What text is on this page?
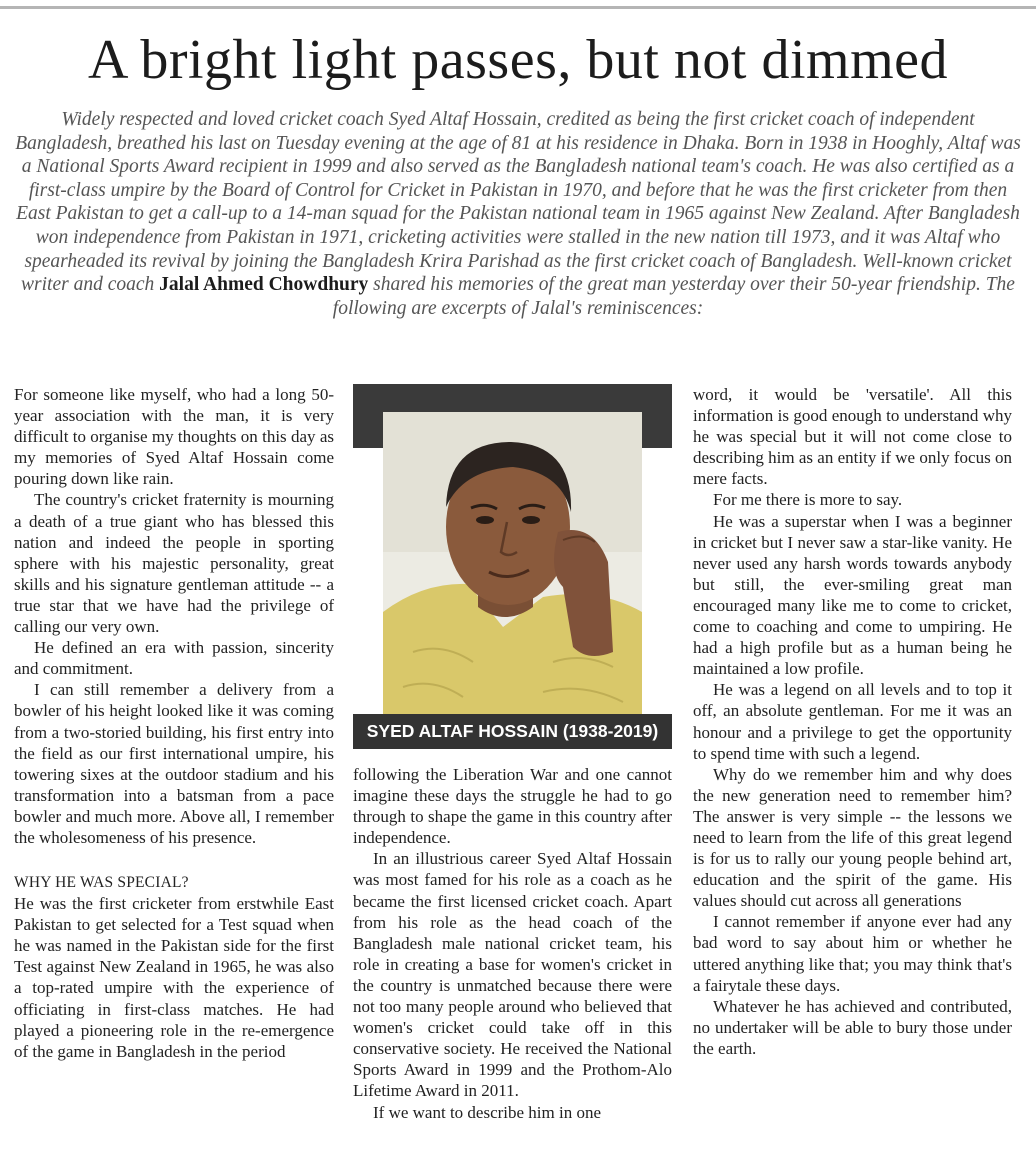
A bright light passes, but not dimmed
Widely respected and loved cricket coach Syed Altaf Hossain, credited as being the first cricket coach of independent Bangladesh, breathed his last on Tuesday evening at the age of 81 at his residence in Dhaka. Born in 1938 in Hooghly, Altaf was a National Sports Award recipient in 1999 and also served as the Bangladesh national team's coach. He was also certified as a first-class umpire by the Board of Control for Cricket in Pakistan in 1970, and before that he was the first cricketer from then East Pakistan to get a call-up to a 14-man squad for the Pakistan national team in 1965 against New Zealand. After Bangladesh won independence from Pakistan in 1971, cricketing activities were stalled in the new nation till 1973, and it was Altaf who spearheaded its revival by joining the Bangladesh Krira Parishad as the first cricket coach of Bangladesh. Well-known cricket writer and coach Jalal Ahmed Chowdhury shared his memories of the great man yesterday over their 50-year friendship. The following are excerpts of Jalal's reminiscences:

For someone like myself, who had a long 50-year association with the man, it is very difficult to organise my thoughts on this day as my memories of Syed Altaf Hossain come pouring down like rain.

The country's cricket fraternity is mourning a death of a true giant who has blessed this nation and indeed the people in sporting sphere with his majestic personality, great skills and his signature gentleman attitude -- a true star that we have had the privilege of calling our very own.

He defined an era with passion, sincerity and commitment.

I can still remember a delivery from a bowler of his height looked like it was coming from a two-storied building, his first entry into the field as our first international umpire, his towering sixes at the outdoor stadium and his transformation into a batsman from a pace bowler and much more. Above all, I remember the wholesomeness of his presence.

WHY HE WAS SPECIAL?

He was the first cricketer from erstwhile East Pakistan to get selected for a Test squad when he was named in the Pakistan side for the first Test against New Zealand in 1965, he was also a top-rated umpire with the experience of officiating in first-class matches. He had played a pioneering role in the re-emergence of the game in Bangladesh in the period

SYED ALTAF HOSSAIN (1938-2019)

following the Liberation War and one cannot imagine these days the struggle he had to go through to shape the game in this country after independence.

In an illustrious career Syed Altaf Hossain was most famed for his role as a coach as he became the first licensed cricket coach. Apart from his role as the head coach of the Bangladesh male national cricket team, his role in creating a base for women's cricket in the country is unmatched because there were not too many people around who believed that women's cricket could take off in this conservative society. He received the National Sports Award in 1999 and the Prothom-Alo Lifetime Award in 2011.

If we want to describe him in one

word, it would be 'versatile'. All this information is good enough to understand why he was special but it will not come close to describing him as an entity if we only focus on mere facts.

For me there is more to say.

He was a superstar when I was a beginner in cricket but I never saw a star-like vanity. He never used any harsh words towards anybody but still, the ever-smiling great man encouraged many like me to come to cricket, come to coaching and come to umpiring. He had a high profile but as a human being he maintained a low profile.

He was a legend on all levels and to top it off, an absolute gentleman. For me it was an honour and a privilege to get the opportunity to spend time with such a legend.

Why do we remember him and why does the new generation need to remember him? The answer is very simple -- the lessons we need to learn from the life of this great legend is for us to rally our young people behind art, education and the spirit of the game. His values should cut across all generations

I cannot remember if anyone ever had any bad word to say about him or whether he uttered anything like that; you may think that's a fairytale these days.

Whatever he has achieved and contributed, no undertaker will be able to bury those under the earth.
